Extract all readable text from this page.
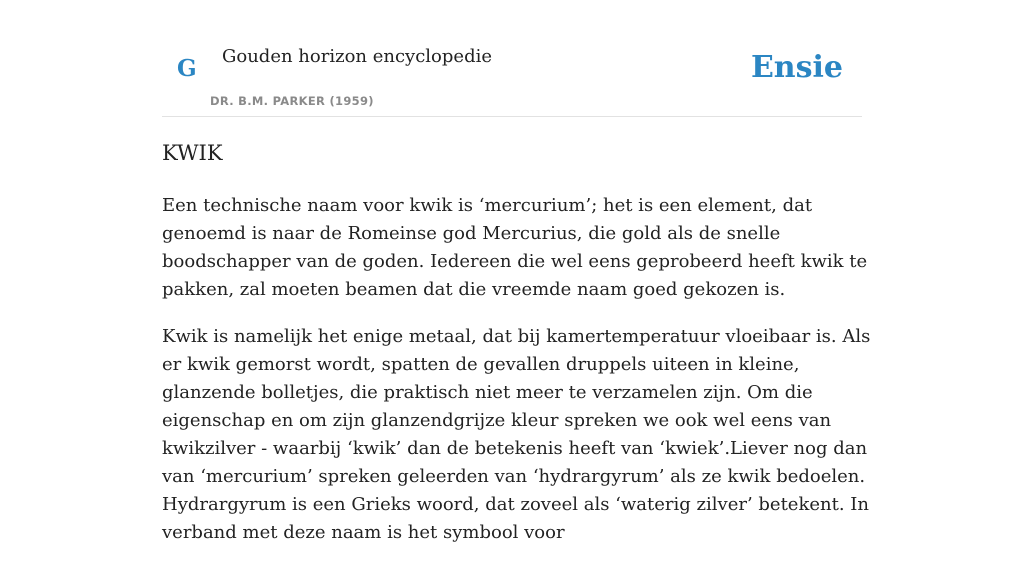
G Gouden horizon encyclopedie
DR. B.M. PARKER (1959)
Ensie
KWIK

Een technische naam voor kwik is ‘mercurium’; het is een element, dat genoemd is naar de Romeinse god Mercurius, die gold als de snelle boodschapper van de goden. Iedereen die wel eens geprobeerd heeft kwik te pakken, zal moeten beamen dat die vreemde naam goed gekozen is.

Kwik is namelijk het enige metaal, dat bij kamertemperatuur vloeibaar is. Als er kwik gemorst wordt, spatten de gevallen druppels uiteen in kleine, glanzende bolletjes, die praktisch niet meer te verzamelen zijn. Om die eigenschap en om zijn glanzendgrijze kleur spreken we ook wel eens van kwikzilver - waarbij ‘kwik’ dan de betekenis heeft van ‘kwiek’.Liever nog dan van ‘mercurium’ spreken geleerden van ‘hydrargyrum’ als ze kwik bedoelen. Hydrargyrum is een Grieks woord, dat zoveel als ‘waterig zilver’ betekent. In verband met deze naam is het symbool voor
